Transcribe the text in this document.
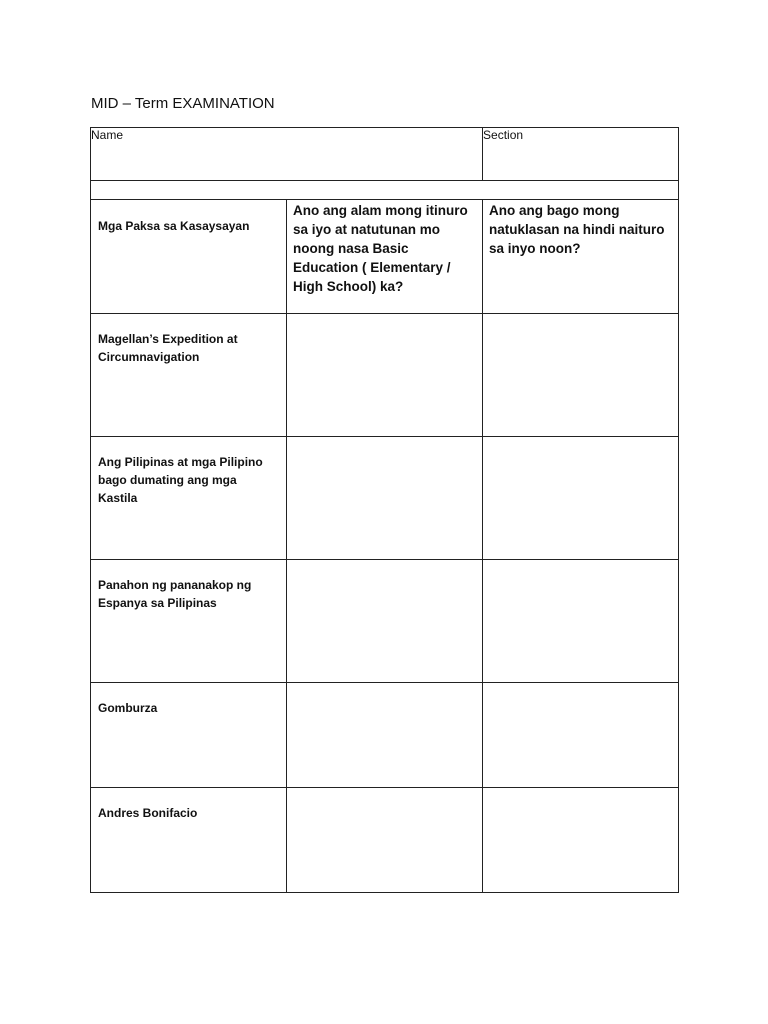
MID – Term EXAMINATION
Name		Section

Mga Paksa sa Kasaysayan	Ano ang alam mong itinuro sa iyo at natutunan mo noong nasa Basic Education ( Elementary / High School) ka?	Ano ang bago mong natuklasan na hindi naituro sa inyo noon?
Magellan’s Expedition at Circumnavigation		
Ang Pilipinas at mga Pilipino bago dumating ang mga Kastila		
Panahon ng pananakop ng Espanya sa Pilipinas		
Gomburza		
Andres Bonifacio		
